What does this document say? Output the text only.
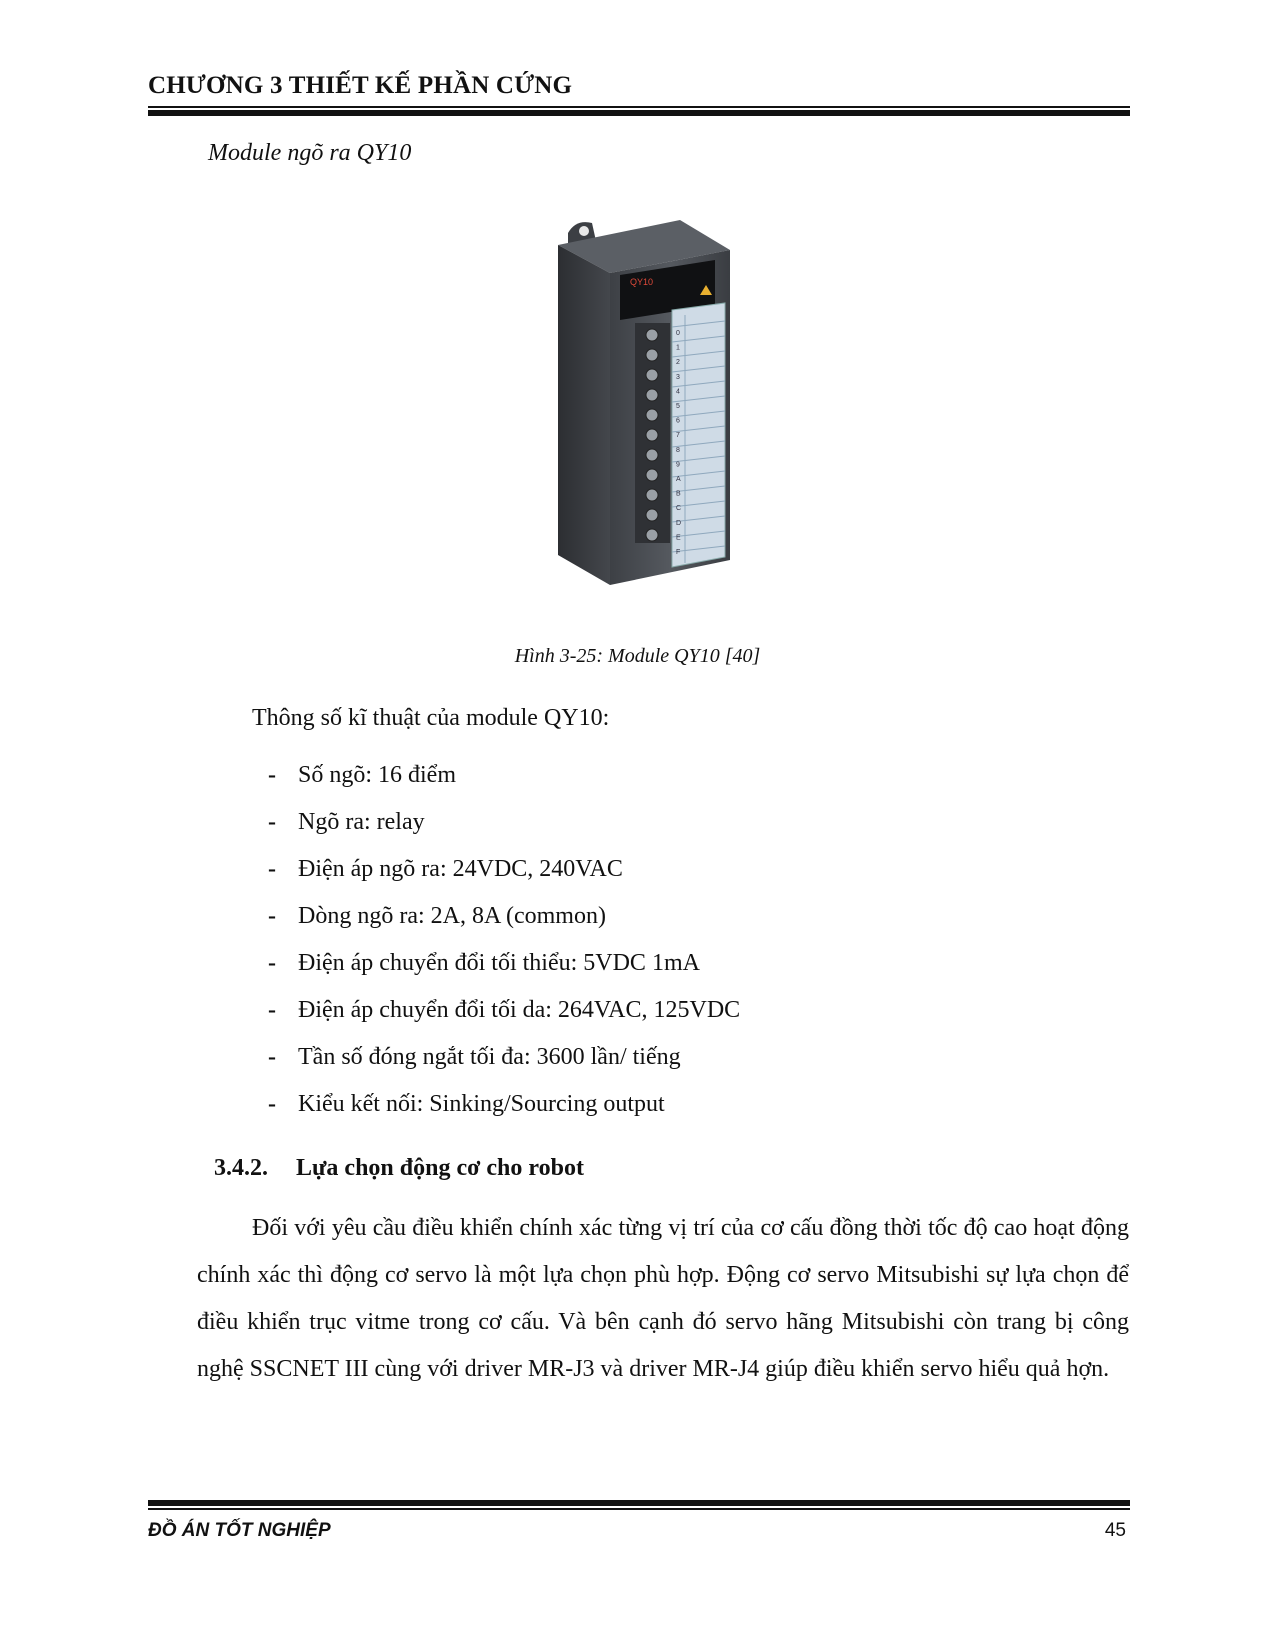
CHƯƠNG 3 THIẾT KẾ PHẦN CỨNG
Module ngõ ra QY10
QY10
0
1
2
3
4
5
6
7
8
9
A
B
C
D
E
F
Hình 3-25: Module QY10 [40]
Thông số kĩ thuật của module QY10:
- Số ngõ: 16 điểm
- Ngõ ra: relay
- Điện áp ngõ ra: 24VDC, 240VAC
- Dòng ngõ ra: 2A, 8A (common)
- Điện áp chuyển đổi tối thiểu: 5VDC 1mA
- Điện áp chuyển đổi tối da: 264VAC, 125VDC
- Tần số đóng ngắt tối đa: 3600 lần/ tiếng
- Kiểu kết nối: Sinking/Sourcing output
3.4.2. Lựa chọn động cơ cho robot

Đối với yêu cầu điều khiển chính xác từng vị trí của cơ cấu đồng thời tốc độ cao hoạt động chính xác thì động cơ servo là một lựa chọn phù hợp. Động cơ servo Mitsubishi sự lựa chọn để điều khiển trục vitme trong cơ cấu. Và bên cạnh đó servo hãng Mitsubishi còn trang bị công nghệ SSCNET III cùng với driver MR-J3 và driver MR-J4 giúp điều khiển servo hiểu quả hợn.

ĐỒ ÁN TỐT NGHIỆP	45
